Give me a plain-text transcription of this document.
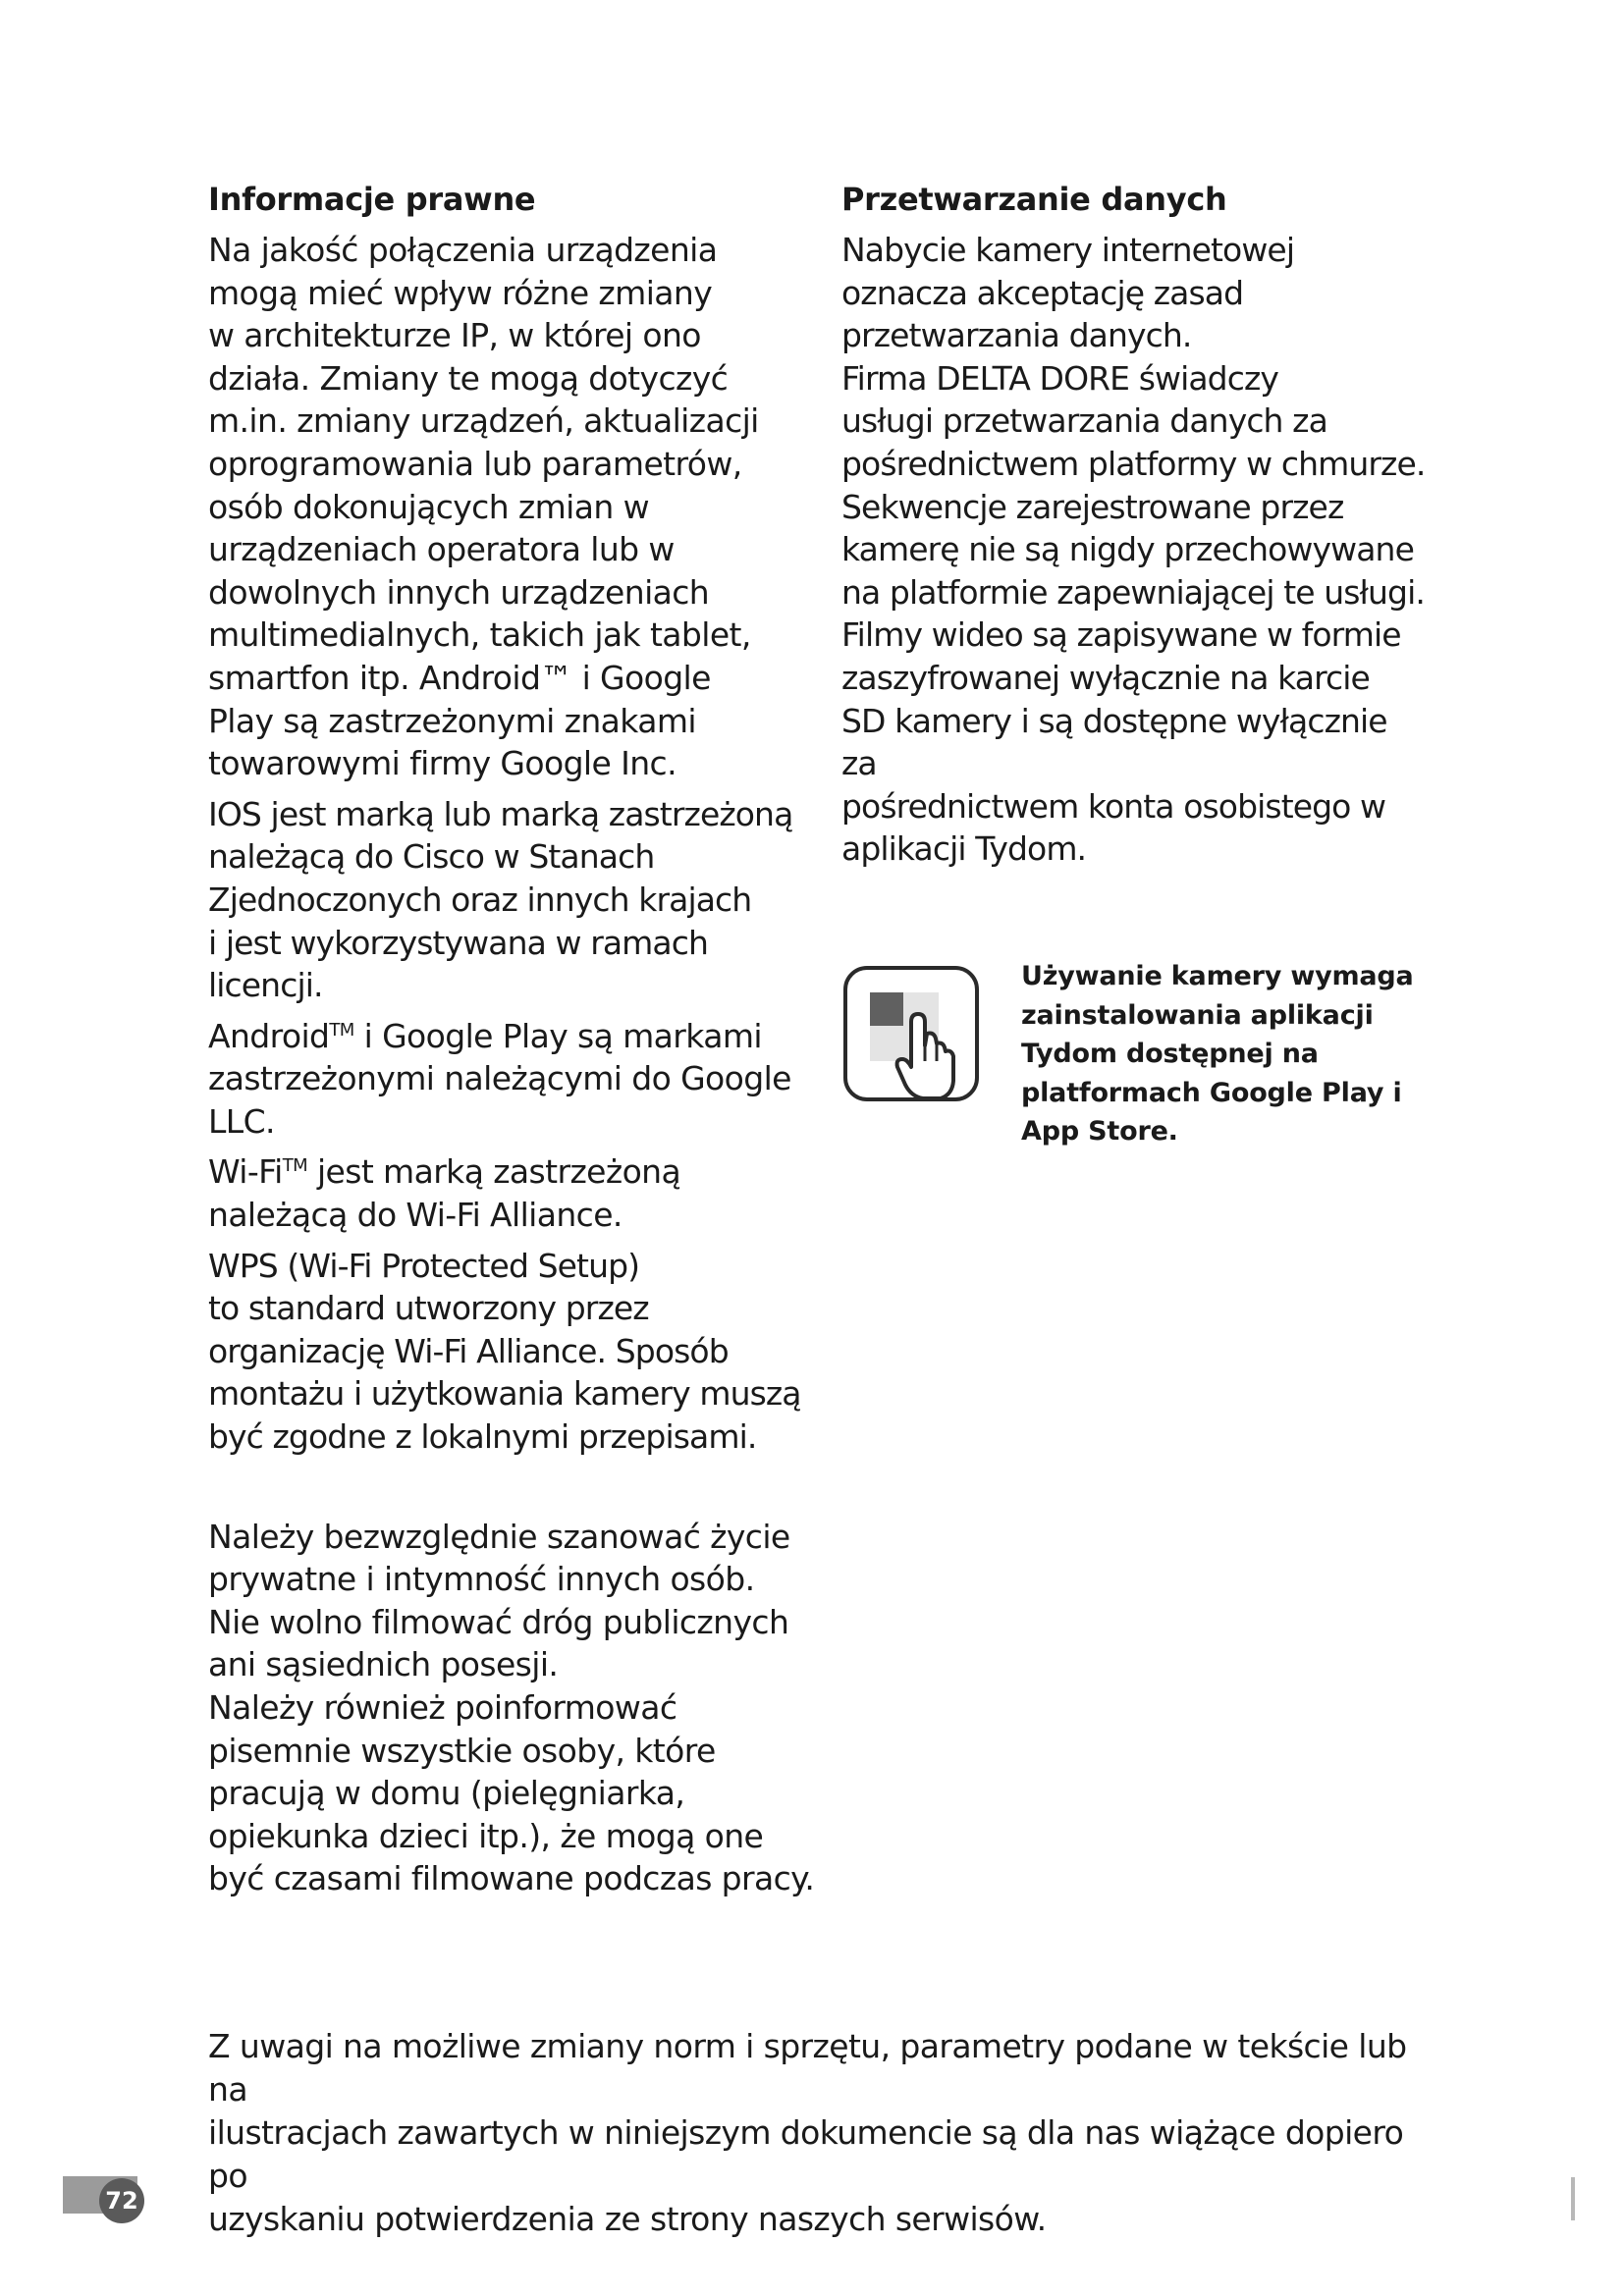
Informacje prawne

Na jakość połączenia urządzenia
mogą mieć wpływ różne zmiany
w architekturze IP, w której ono
działa. Zmiany te mogą dotyczyć
m.in. zmiany urządzeń, aktualizacji
oprogramowania lub parametrów,
osób dokonujących zmian w
urządzeniach operatora lub w
dowolnych innych urządzeniach
multimedialnych, takich jak tablet,
smartfon itp. Android™ i Google
Play są zastrzeżonymi znakami
towarowymi firmy Google Inc.

IOS jest marką lub marką zastrzeżoną
należącą do Cisco w Stanach
Zjednoczonych oraz innych krajach
i jest wykorzystywana w ramach
licencji.

Android™ i Google Play są markami
zastrzeżonymi należącymi do Google
LLC.

Wi-Fi™ jest marką zastrzeżoną
należącą do Wi-Fi Alliance.

WPS (Wi-Fi Protected Setup)
to standard utworzony przez
organizację Wi-Fi Alliance. Sposób
montażu i użytkowania kamery muszą
być zgodne z lokalnymi przepisami.

Należy bezwzględnie szanować życie
prywatne i intymność innych osób.
Nie wolno filmować dróg publicznych
ani sąsiednich posesji.
Należy również poinformować
pisemnie wszystkie osoby, które
pracują w domu (pielęgniarka,
opiekunka dzieci itp.), że mogą one
być czasami filmowane podczas pracy.

Przetwarzanie danych

Nabycie kamery internetowej
oznacza akceptację zasad
przetwarzania danych.
Firma DELTA DORE świadczy
usługi przetwarzania danych za
pośrednictwem platformy w chmurze.
Sekwencje zarejestrowane przez
kamerę nie są nigdy przechowywane
na platformie zapewniającej te usługi.
Filmy wideo są zapisywane w formie
zaszyfrowanej wyłącznie na karcie
SD kamery i są dostępne wyłącznie za
pośrednictwem konta osobistego w
aplikacji Tydom.

Używanie kamery wymaga
zainstalowania aplikacji
Tydom dostępnej na
platformach Google Play i
App Store.
Z uwagi na możliwe zmiany norm i sprzętu, parametry podane w tekście lub na
ilustracjach zawartych w niniejszym dokumencie są dla nas wiążące dopiero po
uzyskaniu potwierdzenia ze strony naszych serwisów.
72
